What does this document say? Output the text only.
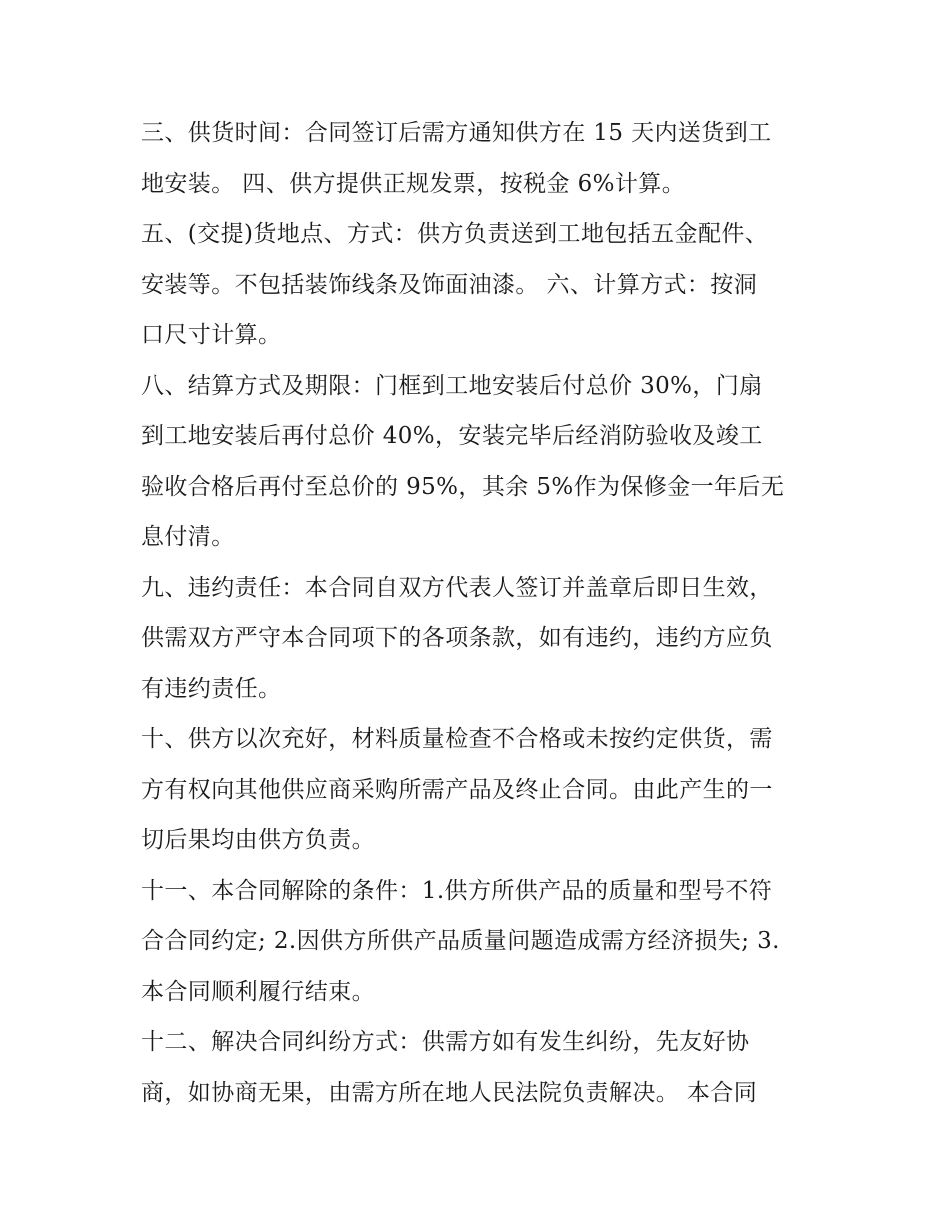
三、供货时间：合同签订后需方通知供方在 15 天内送货到工
地安装。 四、供方提供正规发票，按税金 6%计算。

五、(交提)货地点、方式：供方负责送到工地包括五金配件、
安装等。不包括装饰线条及饰面油漆。 六、计算方式：按洞
口尺寸计算。

八、结算方式及期限：门框到工地安装后付总价 30%，门扇
到工地安装后再付总价 40%，安装完毕后经消防验收及竣工
验收合格后再付至总价的 95%，其余 5%作为保修金一年后无
息付清。

九、违约责任：本合同自双方代表人签订并盖章后即日生效，
供需双方严守本合同项下的各项条款，如有违约，违约方应负
有违约责任。

十、供方以次充好，材料质量检查不合格或未按约定供货，需
方有权向其他供应商采购所需产品及终止合同。由此产生的一
切后果均由供方负责。

十一、本合同解除的条件：1.供方所供产品的质量和型号不符
合合同约定; 2.因供方所供产品质量问题造成需方经济损失; 3.
本合同顺利履行结束。

十二、解决合同纠纷方式：供需方如有发生纠纷，先友好协
商，如协商无果，由需方所在地人民法院负责解决。 本合同
